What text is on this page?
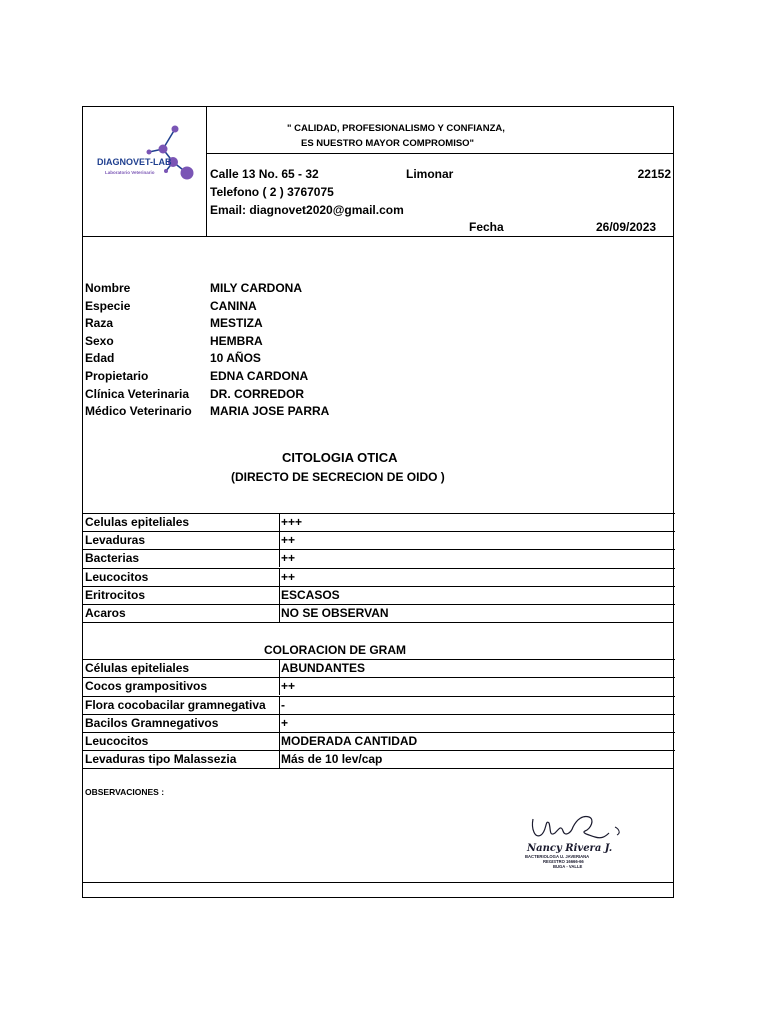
DIAGNOVET-LAB
Laboratorio Veterinario
" CALIDAD, PROFESIONALISMO Y CONFIANZA,
ES NUESTRO MAYOR COMPROMISO"
Calle 13 No. 65 - 32	Limonar	22152
Telefono ( 2 ) 3767075
Email: diagnovet2020@gmail.com
Fecha	26/09/2023
Nombre	MILY CARDONA
Especie	CANINA
Raza	MESTIZA
Sexo	HEMBRA
Edad	10 AÑOS
Propietario	EDNA CARDONA
Clínica Veterinaria DR. CORREDOR
Médico Veterinario MARIA JOSE PARRA
CITOLOGIA OTICA
(DIRECTO DE SECRECION DE OIDO )
Celulas epiteliales	+++
Levaduras	++
Bacterias	++
Leucocitos	++
Eritrocitos	ESCASOS
Acaros	NO SE OBSERVAN
COLORACION DE GRAM
Células epiteliales	ABUNDANTES
Cocos grampositivos	++
Flora cocobacilar gramnegativa -
Bacilos Gramnegativos	+
Leucocitos	MODERADA CANTIDAD
Levaduras tipo Malassezia	Más de 10 lev/cap
OBSERVACIONES :
Nancy Rivera J.
BACTERIOLOGA U. JAVERIANA
REGISTRO 16666-66
BUGA - VALLE
